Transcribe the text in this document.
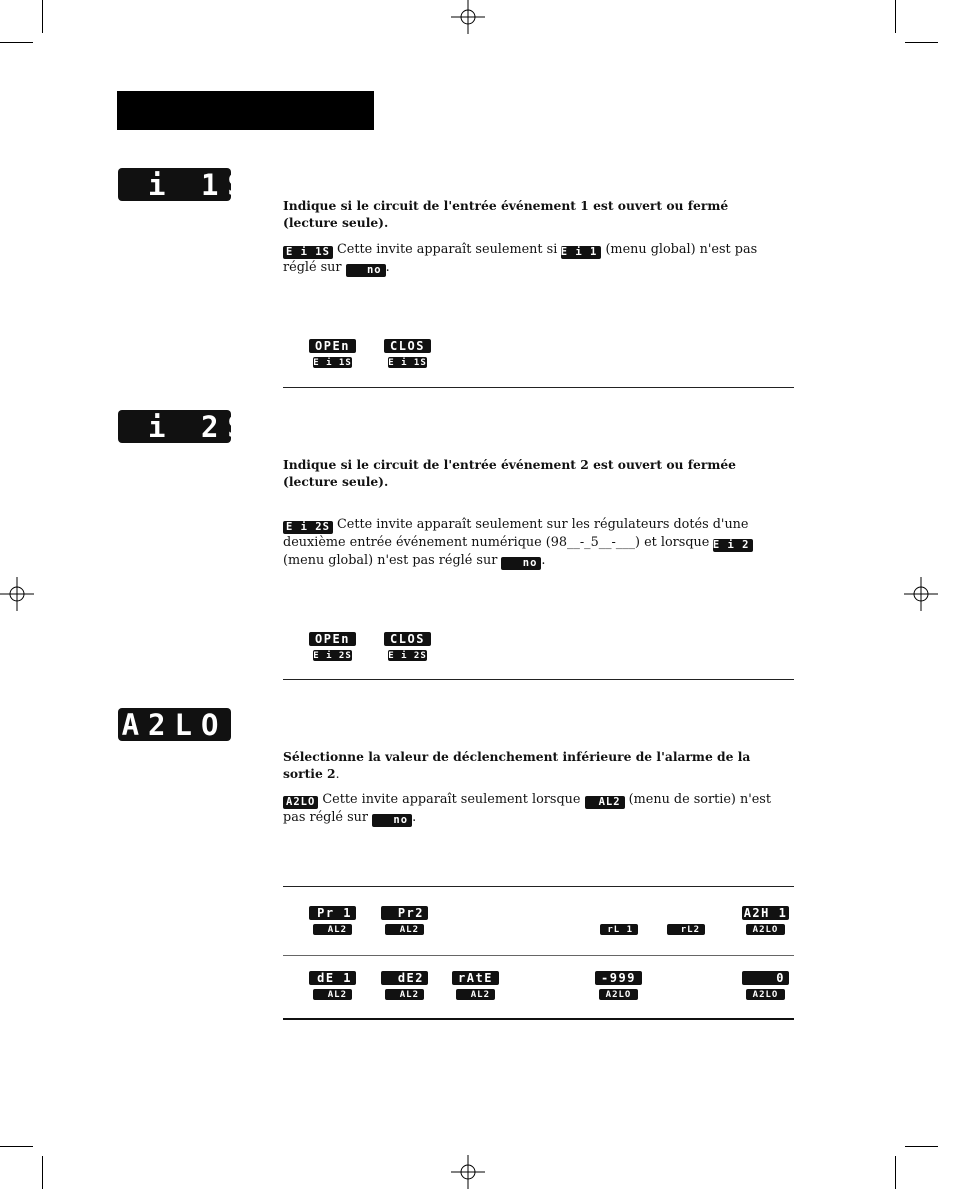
E i 1S
Indique si le circuit de l'entrée événement 1 est ouvert ou fermé (lecture seule).
E i 1S Cette invite apparaît seulement si E i 1 (menu global) n'est pas réglé sur no .
OPEn
E i 1S
CLOS
E i 1S
E i 2S
Indique si le circuit de l'entrée événement 2 est ouvert ou fermée (lecture seule).
E i 2S Cette invite apparaît seulement sur les régulateurs dotés d'une deuxième entrée événement numérique (98__-_5__-___) et lorsque E i 2 (menu global) n'est pas réglé sur no .
OPEn
E i 2S
CLOS
E i 2S
A2LO
Sélectionne la valeur de déclenchement inférieure de l'alarme de la sortie 2.
A2LO Cette invite apparaît seulement lorsque AL2 (menu de sortie) n'est pas réglé sur no .
Pr 1
AL2
Pr2
AL2	rL 1	rL2
A2H 1
A2LO
dE 1
AL2
dE2
AL2
rAtE
AL2
-999
A2LO
0
A2LO
